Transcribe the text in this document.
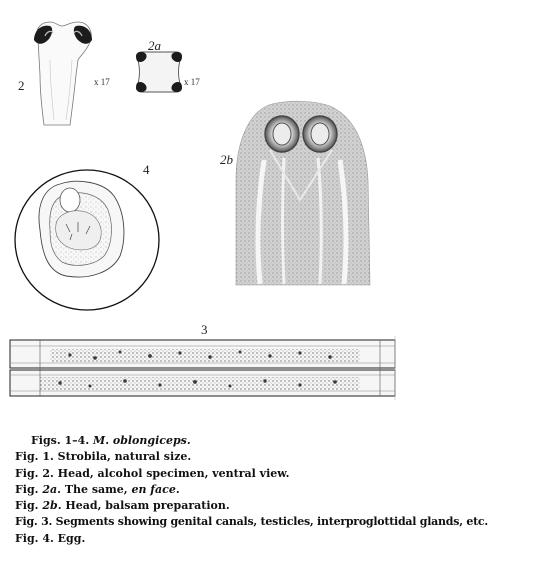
2	x 17
2a
x 17
2b
4
3
Figs. 1–4. M. oblongiceps.
Fig. 1. Strobila, natural size.
Fig. 2. Head, alcohol specimen, ventral view.
Fig. 2a. The same, en face.
Fig. 2b. Head, balsam preparation.
Fig. 3. Segments showing genital canals, testicles, interproglottidal glands, etc.
Fig. 4. Egg.
